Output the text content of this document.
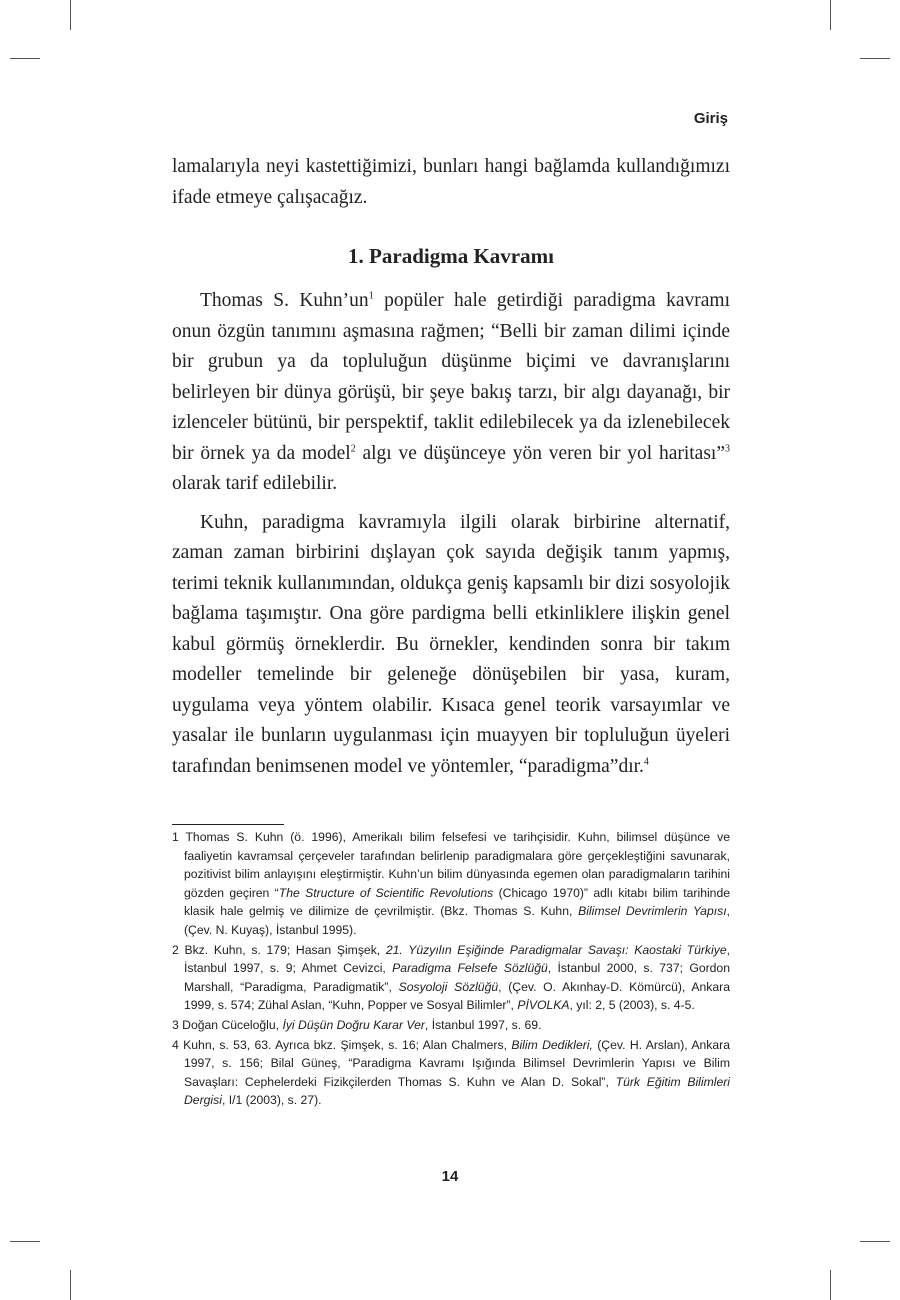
Giriş

lamalarıyla neyi kastettiğimizi, bunları hangi bağlamda kullandığımızı ifade etmeye çalışacağız.

1. Paradigma Kavramı

Thomas S. $Kuhn’un^1$ popüler hale getirdiği paradigma kavramı onun özgün tanımını aşmasına rağmen; “Belli bir zaman dilimi içinde bir grubun ya da topluluğun düşünme biçimi ve davranışlarını belirleyen bir dünya görüşü, bir şeye bakış tarzı, bir algı dayanağı, bir izlenceler bütünü, bir perspektif, taklit edilebilecek ya da izlenebilecek bir örnek ya da model$^2$ algı ve düşünceye yön veren bir yol haritası”$^3$ olarak tarif edilebilir.

Kuhn, paradigma kavramıyla ilgili olarak birbirine alternatif, zaman zaman birbirini dışlayan çok sayıda değişik tanım yapmış, terimi teknik kullanımından, oldukça geniş kapsamlı bir dizi sosyolojik bağlama taşımıştır. Ona göre pardigma belli etkinliklere ilişkin genel kabul görmüş örneklerdir. Bu örnekler, kendinden sonra bir takım modeller temelinde bir geleneğe dönüşebilen bir yasa, kuram, uygulama veya yöntem olabilir. Kısaca genel teorik varsayımlar ve yasalar ile bunların uygulanması için muayyen bir topluluğun üyeleri tarafından benimsenen model ve yöntemler, “paradigma”dır.$^4$

1 Thomas S. Kuhn (ö. 1996), Amerikalı bilim felsefesi ve tarihçisidir. Kuhn, bilimsel düşünce ve faaliyetin kavramsal çerçeveler tarafından belirlenip paradigmalara göre gerçekleştiğini savunarak, pozitivist bilim anlayışını eleştirmiştir. Kuhn’un bilim dünyasında egemen olan paradigmaların tarihini gözden geçiren “The Structure of Scientific Revolutions (Chicago 1970)” adlı kitabı bilim tarihinde klasik hale gelmiş ve dilimize de çevrilmiştir. (Bkz. Thomas S. Kuhn, Bilimsel Devrimlerin Yapısı, (Çev. N. Kuyaş), İstanbul 1995).

2 Bkz. Kuhn, s. 179; Hasan Şimşek, 21. Yüzyılın Eşiğinde Paradigmalar Savaşı: Kaostaki Türkiye, İstanbul 1997, s. 9; Ahmet Cevizci, Paradigma Felsefe Sözlüğü, İstanbul 2000, s. 737; Gordon Marshall, “Paradigma, Paradigmatik”, Sosyoloji Sözlüğü, (Çev. O. Akınhay-D. Kömürcü), Ankara 1999, s. 574; Zühal Aslan, “Kuhn, Popper ve Sosyal Bilimler”, PİVOLKA, yıl: 2, 5 (2003), s. 4-5.

3 Doğan Cüceloğlu, İyi Düşün Doğru Karar Ver, İstanbul 1997, s. 69.

4 Kuhn, s. 53, 63. Ayrıca bkz. Şimşek, s. 16; Alan Chalmers, Bilim Dedikleri, (Çev. H. Arslan), Ankara 1997, s. 156; Bilal Güneş, “Paradigma Kavramı Işığında Bilimsel Devrimlerin Yapısı ve Bilim Savaşları: Cephelerdeki Fizikçilerden Thomas S. Kuhn ve Alan D. Sokal”, Türk Eğitim Bilimleri Dergisi, I/1 (2003), s. 27).

14
